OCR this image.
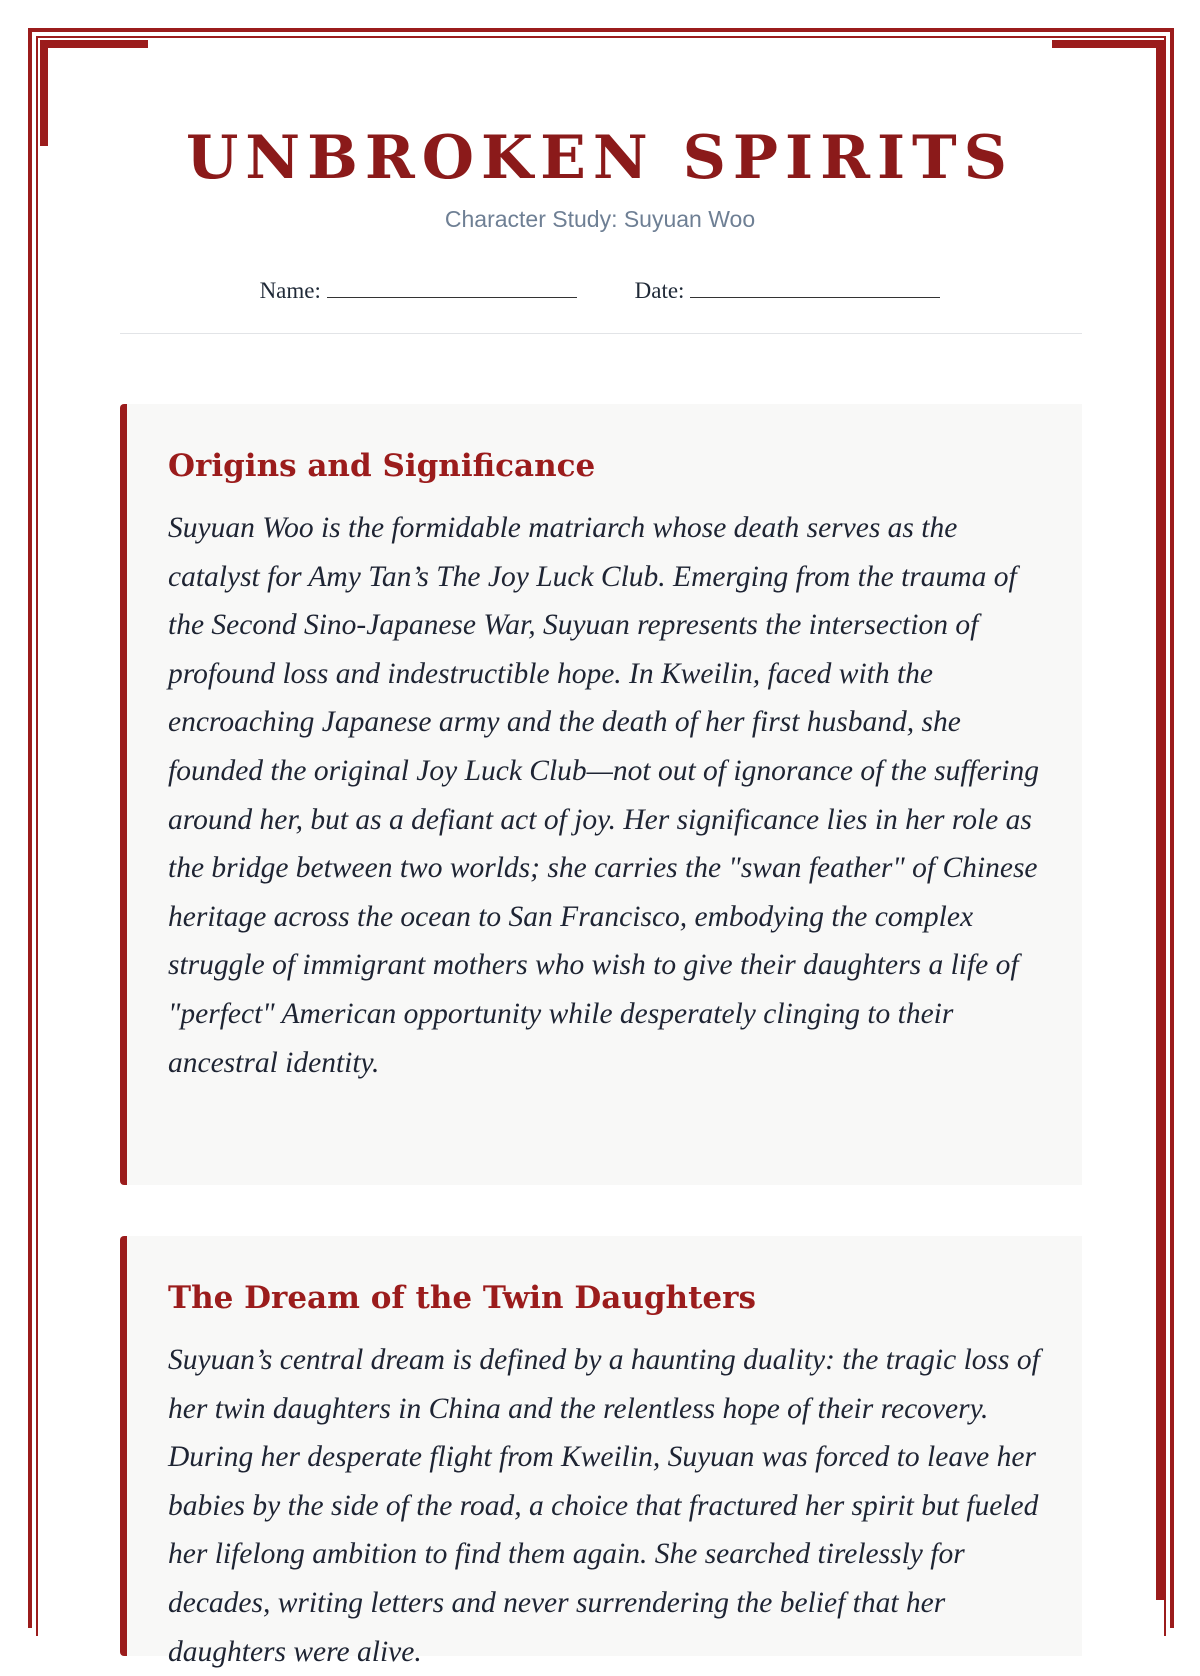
UNBROKEN SPIRITS
Character Study: Suyuan Woo
Name:	Date:
Origins and Significance

Suyuan Woo is the formidable matriarch whose death serves as the catalyst for Amy Tan’s The Joy Luck Club. Emerging from the trauma of the Second Sino-Japanese War, Suyuan represents the intersection of profound loss and indestructible hope. In Kweilin, faced with the encroaching Japanese army and the death of her first husband, she founded the original Joy Luck Club—not out of ignorance of the suffering around her, but as a defiant act of joy. Her significance lies in her role as the bridge between two worlds; she carries the "swan feather" of Chinese heritage across the ocean to San Francisco, embodying the complex struggle of immigrant mothers who wish to give their daughters a life of "perfect" American opportunity while desperately clinging to their ancestral identity.

The Dream of the Twin Daughters

Suyuan’s central dream is defined by a haunting duality: the tragic loss of her twin daughters in China and the relentless hope of their recovery. During her desperate flight from Kweilin, Suyuan was forced to leave her babies by the side of the road, a choice that fractured her spirit but fueled her lifelong ambition to find them again. She searched tirelessly for decades, writing letters and never surrendering the belief that her daughters were alive.
